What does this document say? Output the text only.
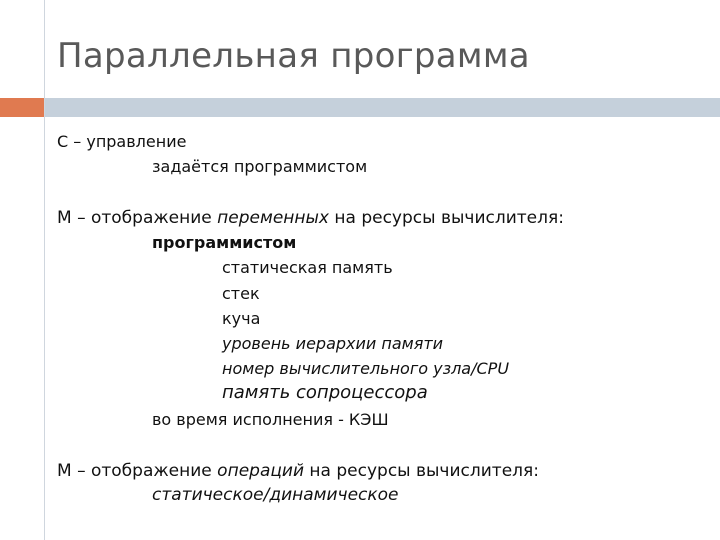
Параллельная программа
С – управление
задаётся программистом
М – отображение переменных на ресурсы вычислителя:
программистом
статическая память
стек
куча
уровень иерархии памяти
номер вычислительного узла/CPU
память сопроцессора
во время исполнения - КЭШ
М – отображение операций на ресурсы вычислителя:
статическое/динамическое
